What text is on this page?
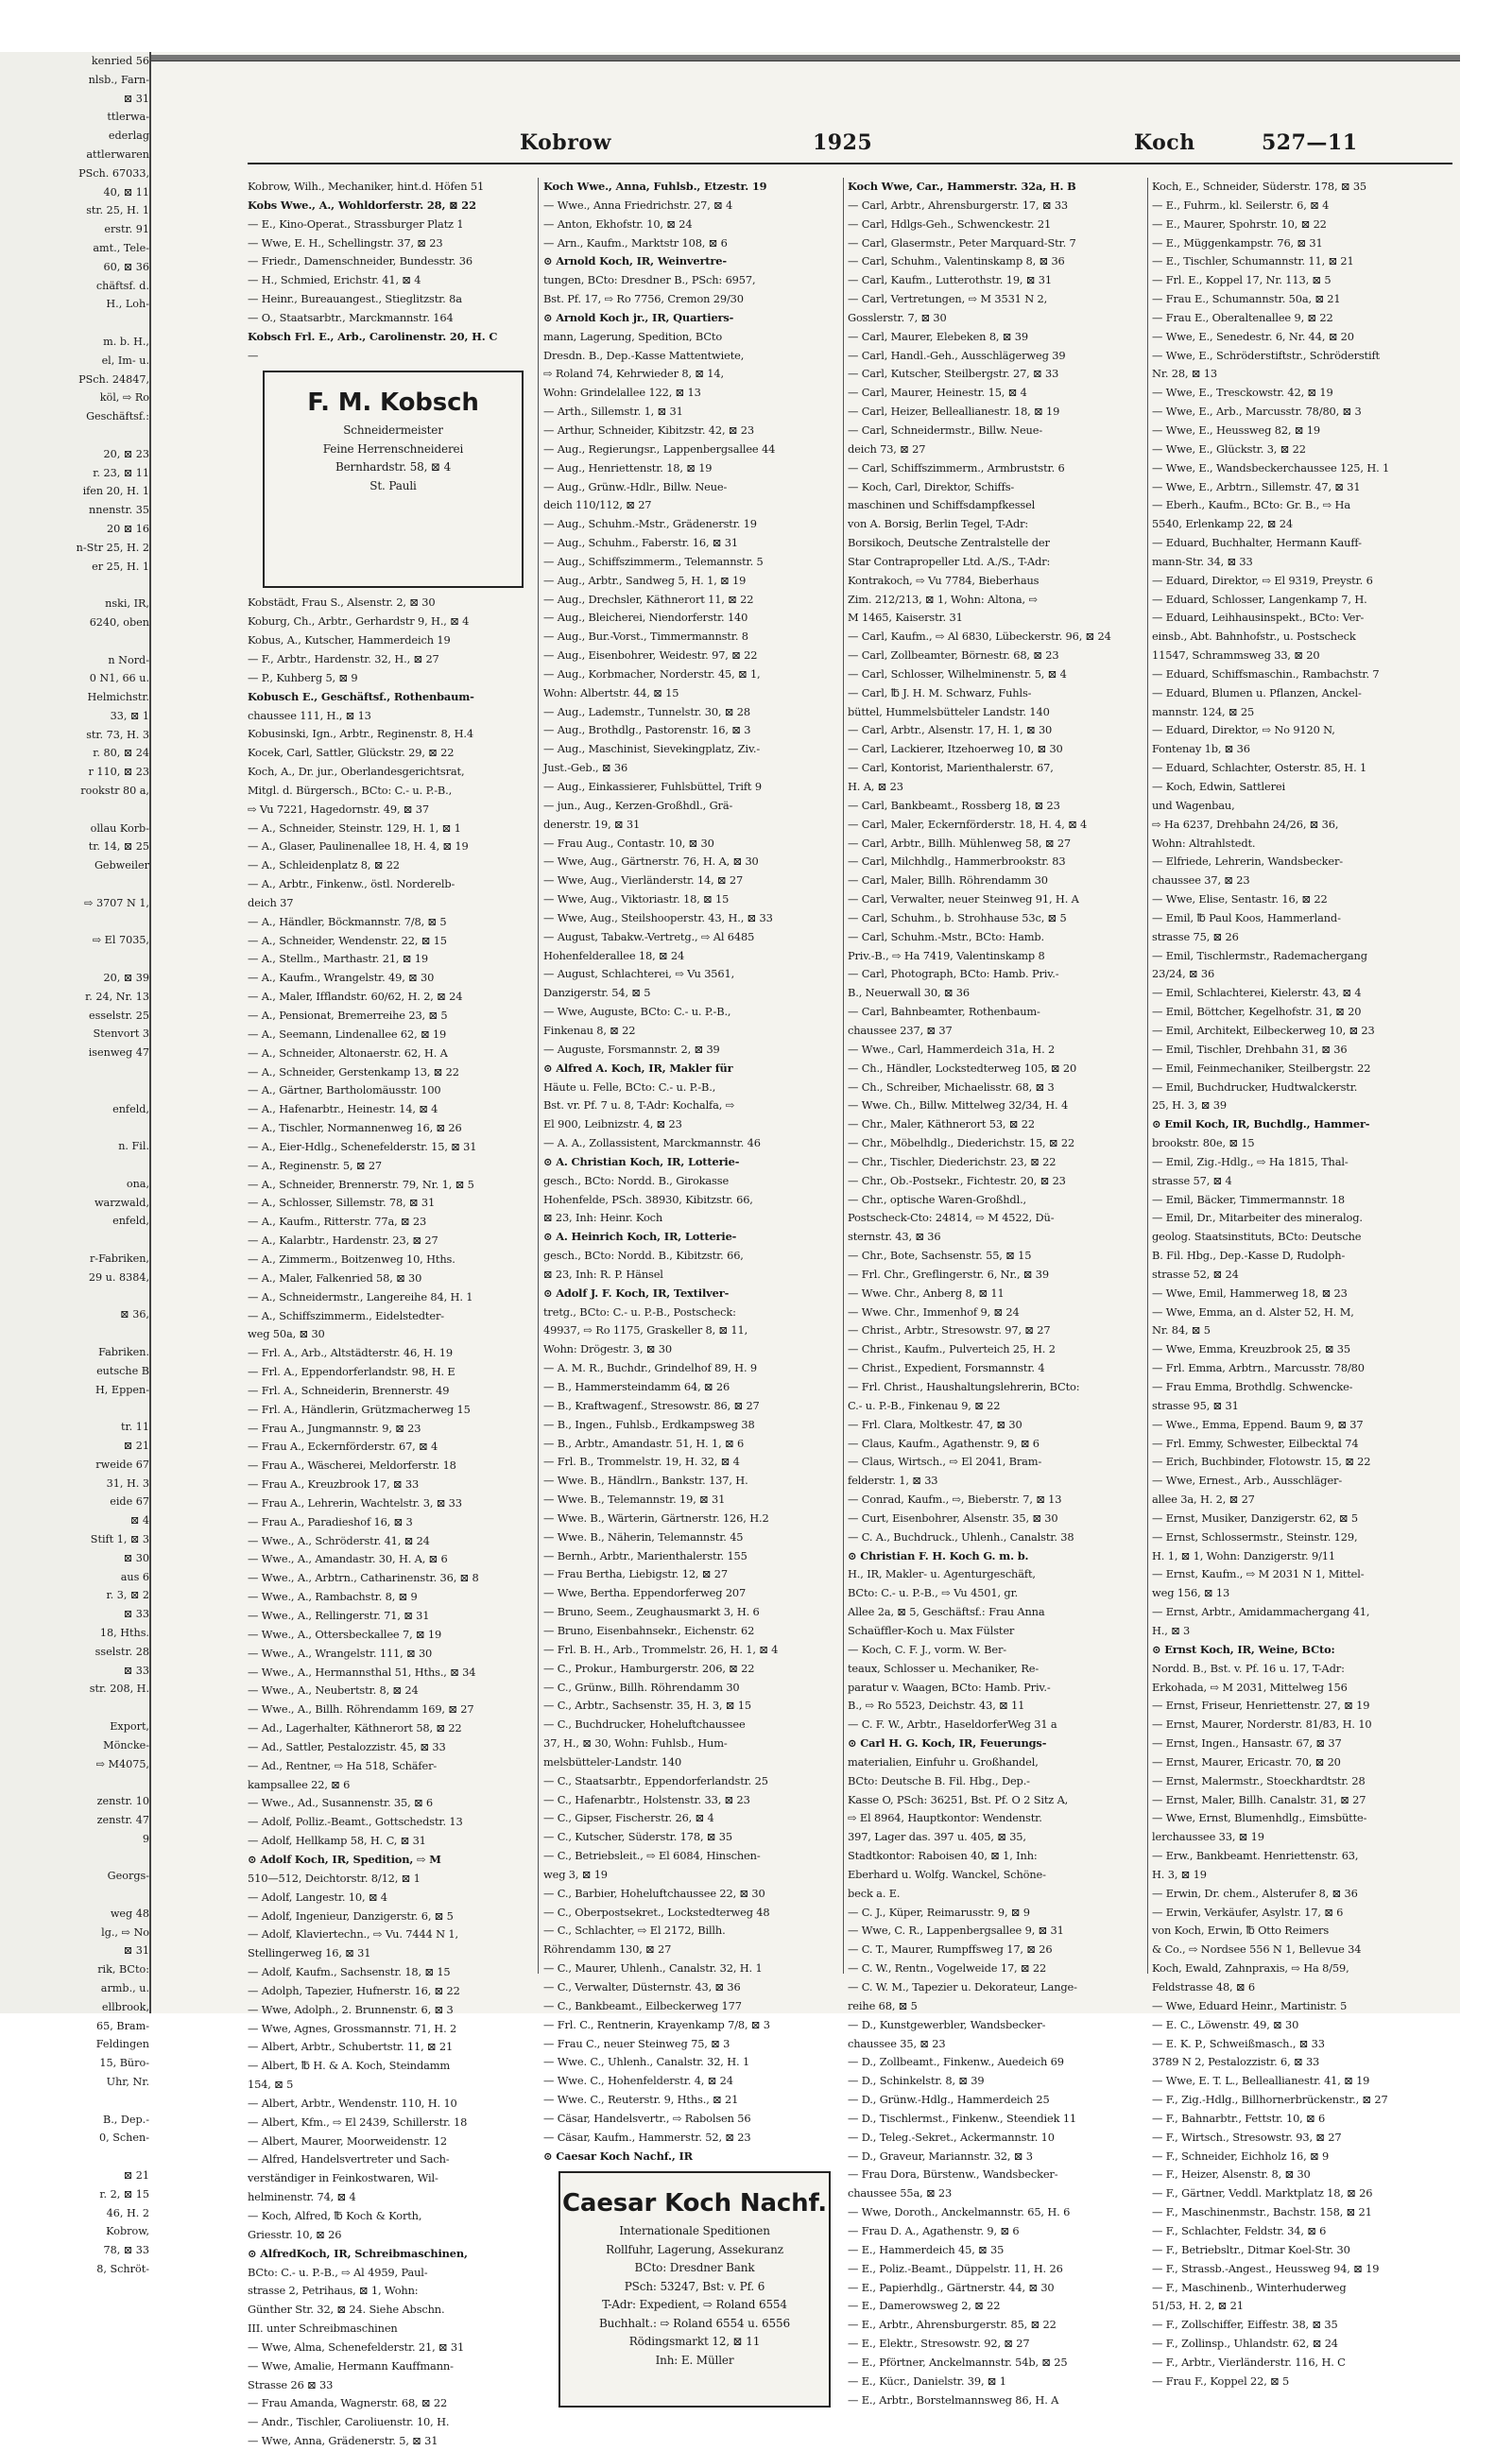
kenried 56
nlsb., Farn-
⊠ 31
ttlerwa-
ederlag
attlerwaren
PSch. 67033,
40, ⊠ 11
str. 25, H. 1
erstr. 91
amt., Tele-
60, ⊠ 36
chäftsf. d.
H., Loh-

m. b. H.,
el, Im- u.
PSch. 24847,
köl, ⇨ Ro
Geschäftsf.:

20, ⊠ 23
r. 23, ⊠ 11
ifen 20, H. 1
nnenstr. 35
20 ⊠ 16
n-Str 25, H. 2
er 25, H. 1

nski, IR,
6240, oben

n Nord-
0 N1, 66 u.
Helmichstr.
33, ⊠ 1
str. 73, H. 3
r. 80, ⊠ 24
r 110, ⊠ 23
rookstr 80 a,

ollau Korb-
tr. 14, ⊠ 25
Gebweiler

⇨ 3707 N 1,

⇨ El 7035,

20, ⊠ 39
r. 24, Nr. 13
esselstr. 25
Stenvort 3
isenweg 47

enfeld,

n. Fil.

ona,
warzwald,
enfeld,

r-Fabriken,
29 u. 8384,

⊠ 36,

Fabriken.
eutsche B
H, Eppen-

tr. 11
⊠ 21
rweide 67
31, H. 3
eide 67
⊠ 4
Stift 1, ⊠ 3
⊠ 30
aus 6
r. 3, ⊠ 2
⊠ 33
18, Hths.
sselstr. 28
⊠ 33
str. 208, H.

Export,
Möncke-
⇨ M4075,

zenstr. 10
zenstr. 47
9

Georgs-

weg 48
lg., ⇨ No
⊠ 31
rik, BCto:
armb., u.
ellbrook,
65, Bram-
Feldingen
15, Büro-
Uhr, Nr.

B., Dep.-
0, Schen-

⊠ 21
r. 2, ⊠ 15
46, H. 2
Kobrow,
78, ⊠ 33
8, Schröt-
Kobrow	1925	Koch	527—11
Kobrow, Wilh., Mechaniker, hint.d. Höfen 51
Kobs Wwe., A., Wohldorferstr. 28, ⊠ 22
— E., Kino-Operat., Strassburger Platz 1
— Wwe, E. H., Schellingstr. 37, ⊠ 23
— Friedr., Damenschneider, Bundesstr. 36
— H., Schmied, Erichstr. 41, ⊠ 4
— Heinr., Bureauangest., Stieglitzstr. 8a
— O., Staatsarbtr., Marckmannstr. 164
Kobsch Frl. E., Arb., Carolinenstr. 20, H. C
—
F. M. Kobsch
Schneidermeister
Feine Herrenschneiderei
Bernhardstr. 58, ⊠ 4
St. Pauli
Kobstädt, Frau S., Alsenstr. 2, ⊠ 30
Koburg, Ch., Arbtr., Gerhardstr 9, H., ⊠ 4
Kobus, A., Kutscher, Hammerdeich 19
— F., Arbtr., Hardenstr. 32, H., ⊠ 27
— P., Kuhberg 5, ⊠ 9
Kobusch E., Geschäftsf., Rothenbaum-
chaussee 111, H., ⊠ 13
Kobusinski, Ign., Arbtr., Reginenstr. 8, H.4
Kocek, Carl, Sattler, Glückstr. 29, ⊠ 22
Koch, A., Dr. jur., Oberlandesgerichtsrat,
Mitgl. d. Bürgersch., BCto: C.- u. P.-B.,
⇨ Vu 7221, Hagedornstr. 49, ⊠ 37
— A., Schneider, Steinstr. 129, H. 1, ⊠ 1
— A., Glaser, Paulinenallee 18, H. 4, ⊠ 19
— A., Schleidenplatz 8, ⊠ 22
— A., Arbtr., Finkenw., östl. Norderelb-
deich 37
— A., Händler, Böckmannstr. 7/8, ⊠ 5
— A., Schneider, Wendenstr. 22, ⊠ 15
— A., Stellm., Marthastr. 21, ⊠ 19
— A., Kaufm., Wrangelstr. 49, ⊠ 30
— A., Maler, Ifflandstr. 60/62, H. 2, ⊠ 24
— A., Pensionat, Bremerreihe 23, ⊠ 5
— A., Seemann, Lindenallee 62, ⊠ 19
— A., Schneider, Altonaerstr. 62, H. A
— A., Schneider, Gerstenkamp 13, ⊠ 22
— A., Gärtner, Bartholomäusstr. 100
— A., Hafenarbtr., Heinestr. 14, ⊠ 4
— A., Tischler, Normannenweg 16, ⊠ 26
— A., Eier-Hdlg., Schenefelderstr. 15, ⊠ 31
— A., Reginenstr. 5, ⊠ 27
— A., Schneider, Brennerstr. 79, Nr. 1, ⊠ 5
— A., Schlosser, Sillemstr. 78, ⊠ 31
— A., Kaufm., Ritterstr. 77a, ⊠ 23
— A., Kalarbtr., Hardenstr. 23, ⊠ 27
— A., Zimmerm., Boitzenweg 10, Hths.
— A., Maler, Falkenried 58, ⊠ 30
— A., Schneidermstr., Langereihe 84, H. 1
— A., Schiffszimmerm., Eidelstedter-
weg 50a, ⊠ 30
— Frl. A., Arb., Altstädterstr. 46, H. 19
— Frl. A., Eppendorferlandstr. 98, H. E
— Frl. A., Schneiderin, Brennerstr. 49
— Frl. A., Händlerin, Grützmacherweg 15
— Frau A., Jungmannstr. 9, ⊠ 23
— Frau A., Eckernförderstr. 67, ⊠ 4
— Frau A., Wäscherei, Meldorferstr. 18
— Frau A., Kreuzbrook 17, ⊠ 33
— Frau A., Lehrerin, Wachtelstr. 3, ⊠ 33
— Frau A., Paradieshof 16, ⊠ 3
— Wwe., A., Schröderstr. 41, ⊠ 24
— Wwe., A., Amandastr. 30, H. A, ⊠ 6
— Wwe., A., Arbtrn., Catharinenstr. 36, ⊠ 8
— Wwe., A., Rambachstr. 8, ⊠ 9
— Wwe., A., Rellingerstr. 71, ⊠ 31
— Wwe., A., Ottersbeckallee 7, ⊠ 19
— Wwe., A., Wrangelstr. 111, ⊠ 30
— Wwe., A., Hermannsthal 51, Hths., ⊠ 34
— Wwe., A., Neubertstr. 8, ⊠ 24
— Wwe., A., Billh. Röhrendamm 169, ⊠ 27
— Ad., Lagerhalter, Käthnerort 58, ⊠ 22
— Ad., Sattler, Pestalozzistr. 45, ⊠ 33
— Ad., Rentner, ⇨ Ha 518, Schäfer-
kampsallee 22, ⊠ 6
— Wwe., Ad., Susannenstr. 35, ⊠ 6
— Adolf, Polliz.-Beamt., Gottschedstr. 13
— Adolf, Hellkamp 58, H. C, ⊠ 31
⊙ Adolf Koch, IR, Spedition, ⇨ M
510—512, Deichtorstr. 8/12, ⊠ 1
— Adolf, Langestr. 10, ⊠ 4
— Adolf, Ingenieur, Danzigerstr. 6, ⊠ 5
— Adolf, Klaviertechn., ⇨ Vu. 7444 N 1,
Stellingerweg 16, ⊠ 31
— Adolf, Kaufm., Sachsenstr. 18, ⊠ 15
— Adolph, Tapezier, Hufnerstr. 16, ⊠ 22
— Wwe, Adolph., 2. Brunnenstr. 6, ⊠ 3
— Wwe, Agnes, Grossmannstr. 71, H. 2
— Albert, Arbtr., Schubertstr. 11, ⊠ 21
— Albert, ℔ H. & A. Koch, Steindamm
154, ⊠ 5
— Albert, Arbtr., Wendenstr. 110, H. 10
— Albert, Kfm., ⇨ El 2439, Schillerstr. 18
— Albert, Maurer, Moorweidenstr. 12
— Alfred, Handelsvertreter und Sach-
verständiger in Feinkostwaren, Wil-
helminenstr. 74, ⊠ 4
— Koch, Alfred, ℔ Koch & Korth,
Griesstr. 10, ⊠ 26
⊙ AlfredKoch, IR, Schreibmaschinen,
BCto: C.- u. P.-B., ⇨ Al 4959, Paul-
strasse 2, Petrihaus, ⊠ 1, Wohn:
Günther Str. 32, ⊠ 24. Siehe Abschn.
III. unter Schreibmaschinen
— Wwe, Alma, Schenefelderstr. 21, ⊠ 31
— Wwe, Amalie, Hermann Kauffmann-
Strasse 26 ⊠ 33
— Frau Amanda, Wagnerstr. 68, ⊠ 22
— Andr., Tischler, Caroliuenstr. 10, H.
— Wwe, Anna, Grädenerstr. 5, ⊠ 31
Koch Wwe., Anna, Fuhlsb., Etzestr. 19
— Wwe., Anna Friedrichstr. 27, ⊠ 4
— Anton, Ekhofstr. 10, ⊠ 24
— Arn., Kaufm., Marktstr 108, ⊠ 6
⊙ Arnold Koch, IR, Weinvertre-
tungen, BCto: Dresdner B., PSch: 6957,
Bst. Pf. 17, ⇨ Ro 7756, Cremon 29/30
⊙ Arnold Koch jr., IR, Quartiers-
mann, Lagerung, Spedition, BCto
Dresdn. B., Dep.-Kasse Mattentwiete,
⇨ Roland 74, Kehrwieder 8, ⊠ 14,
Wohn: Grindelallee 122, ⊠ 13
— Arth., Sillemstr. 1, ⊠ 31
— Arthur, Schneider, Kibitzstr. 42, ⊠ 23
— Aug., Regierungsr., Lappenbergsallee 44
— Aug., Henriettenstr. 18, ⊠ 19
— Aug., Grünw.-Hdlr., Billw. Neue-
deich 110/112, ⊠ 27
— Aug., Schuhm.-Mstr., Grädenerstr. 19
— Aug., Schuhm., Faberstr. 16, ⊠ 31
— Aug., Schiffszimmerm., Telemannstr. 5
— Aug., Arbtr., Sandweg 5, H. 1, ⊠ 19
— Aug., Drechsler, Käthnerort 11, ⊠ 22
— Aug., Bleicherei, Niendorferstr. 140
— Aug., Bur.-Vorst., Timmermannstr. 8
— Aug., Eisenbohrer, Weidestr. 97, ⊠ 22
— Aug., Korbmacher, Norderstr. 45, ⊠ 1,
Wohn: Albertstr. 44, ⊠ 15
— Aug., Lademstr., Tunnelstr. 30, ⊠ 28
— Aug., Brothdlg., Pastorenstr. 16, ⊠ 3
— Aug., Maschinist, Sievekingplatz, Ziv.-
Just.-Geb., ⊠ 36
— Aug., Einkassierer, Fuhlsbüttel, Trift 9
— jun., Aug., Kerzen-Großhdl., Grä-
denerstr. 19, ⊠ 31
— Frau Aug., Contastr. 10, ⊠ 30
— Wwe, Aug., Gärtnerstr. 76, H. A, ⊠ 30
— Wwe, Aug., Vierländerstr. 14, ⊠ 27
— Wwe, Aug., Viktoriastr. 18, ⊠ 15
— Wwe, Aug., Steilshooperstr. 43, H., ⊠ 33
— August, Tabakw.-Vertretg., ⇨ Al 6485
Hohenfelderallee 18, ⊠ 24
— August, Schlachterei, ⇨ Vu 3561,
Danzigerstr. 54, ⊠ 5
— Wwe, Auguste, BCto: C.- u. P.-B.,
Finkenau 8, ⊠ 22
— Auguste, Forsmannstr. 2, ⊠ 39
⊙ Alfred A. Koch, IR, Makler für
Häute u. Felle, BCto: C.- u. P.-B.,
Bst. vr. Pf. 7 u. 8, T-Adr: Kochalfa, ⇨
El 900, Leibnizstr. 4, ⊠ 23
— A. A., Zollassistent, Marckmannstr. 46
⊙ A. Christian Koch, IR, Lotterie-
gesch., BCto: Nordd. B., Girokasse
Hohenfelde, PSch. 38930, Kibitzstr. 66,
⊠ 23, Inh: Heinr. Koch
⊙ A. Heinrich Koch, IR, Lotterie-
gesch., BCto: Nordd. B., Kibitzstr. 66,
⊠ 23, Inh: R. P. Hänsel
⊙ Adolf J. F. Koch, IR, Textilver-
tretg., BCto: C.- u. P.-B., Postscheck:
49937, ⇨ Ro 1175, Graskeller 8, ⊠ 11,
Wohn: Drögestr. 3, ⊠ 30
— A. M. R., Buchdr., Grindelhof 89, H. 9
— B., Hammersteindamm 64, ⊠ 26
— B., Kraftwagenf., Stresowstr. 86, ⊠ 27
— B., Ingen., Fuhlsb., Erdkampsweg 38
— B., Arbtr., Amandastr. 51, H. 1, ⊠ 6
— Frl. B., Trommelstr. 19, H. 32, ⊠ 4
— Wwe. B., Händlrn., Bankstr. 137, H.
— Wwe. B., Telemannstr. 19, ⊠ 31
— Wwe. B., Wärterin, Gärtnerstr. 126, H.2
— Wwe. B., Näherin, Telemannstr. 45
— Bernh., Arbtr., Marienthalerstr. 155
— Frau Bertha, Liebigstr. 12, ⊠ 27
— Wwe, Bertha. Eppendorferweg 207
— Bruno, Seem., Zeughausmarkt 3, H. 6
— Bruno, Eisenbahnsekr., Eichenstr. 62
— Frl. B. H., Arb., Trommelstr. 26, H. 1, ⊠ 4
— C., Prokur., Hamburgerstr. 206, ⊠ 22
— C., Grünw., Billh. Röhrendamm 30
— C., Arbtr., Sachsenstr. 35, H. 3, ⊠ 15
— C., Buchdrucker, Hoheluftchaussee
37, H., ⊠ 30, Wohn: Fuhlsb., Hum-
melsbütteler-Landstr. 140
— C., Staatsarbtr., Eppendorferlandstr. 25
— C., Hafenarbtr., Holstenstr. 33, ⊠ 23
— C., Gipser, Fischerstr. 26, ⊠ 4
— C., Kutscher, Süderstr. 178, ⊠ 35
— C., Betriebsleit., ⇨ El 6084, Hinschen-
weg 3, ⊠ 19
— C., Barbier, Hoheluftchaussee 22, ⊠ 30
— C., Oberpostsekret., Lockstedterweg 48
— C., Schlachter, ⇨ El 2172, Billh.
Röhrendamm 130, ⊠ 27
— C., Maurer, Uhlenh., Canalstr. 32, H. 1
— C., Verwalter, Düsternstr. 43, ⊠ 36
— C., Bankbeamt., Eilbeckerweg 177
— Frl. C., Rentnerin, Krayenkamp 7/8, ⊠ 3
— Frau C., neuer Steinweg 75, ⊠ 3
— Wwe. C., Uhlenh., Canalstr. 32, H. 1
— Wwe. C., Hohenfelderstr. 4, ⊠ 24
— Wwe. C., Reuterstr. 9, Hths., ⊠ 21
— Cäsar, Handelsvertr., ⇨ Rabolsen 56
— Cäsar, Kaufm., Hammerstr. 52, ⊠ 23
⊙ Caesar Koch Nachf., IR
Caesar Koch Nachf.
Internationale Speditionen
Rollfuhr, Lagerung, Assekuranz
BCto: Dresdner Bank
PSch: 53247, Bst: v. Pf. 6
T-Adr: Expedient, ⇨ Roland 6554
Buchhalt.: ⇨ Roland 6554 u. 6556
Rödingsmarkt 12, ⊠ 11
Inh: E. Müller
Koch Wwe, Car., Hammerstr. 32a, H. B
— Carl, Arbtr., Ahrensburgerstr. 17, ⊠ 33
— Carl, Hdlgs-Geh., Schwenckestr. 21
— Carl, Glasermstr., Peter Marquard-Str. 7
— Carl, Schuhm., Valentinskamp 8, ⊠ 36
— Carl, Kaufm., Lutterothstr. 19, ⊠ 31
— Carl, Vertretungen, ⇨ M 3531 N 2,
Gosslerstr. 7, ⊠ 30
— Carl, Maurer, Elebeken 8, ⊠ 39
— Carl, Handl.-Geh., Ausschlägerweg 39
— Carl, Kutscher, Steilbergstr. 27, ⊠ 33
— Carl, Maurer, Heinestr. 15, ⊠ 4
— Carl, Heizer, Belleallianestr. 18, ⊠ 19
— Carl, Schneidermstr., Billw. Neue-
deich 73, ⊠ 27
— Carl, Schiffszimmerm., Armbruststr. 6
— Koch, Carl, Direktor, Schiffs-
maschinen und Schiffsdampfkessel
von A. Borsig, Berlin Tegel, T-Adr:
Borsikoch, Deutsche Zentralstelle der
Star Contrapropeller Ltd. A./S., T-Adr:
Kontrakoch, ⇨ Vu 7784, Bieberhaus
Zim. 212/213, ⊠ 1, Wohn: Altona, ⇨
M 1465, Kaiserstr. 31
— Carl, Kaufm., ⇨ Al 6830, Lübeckerstr. 96, ⊠ 24
— Carl, Zollbeamter, Börnestr. 68, ⊠ 23
— Carl, Schlosser, Wilhelminenstr. 5, ⊠ 4
— Carl, ℔ J. H. M. Schwarz, Fuhls-
büttel, Hummelsbütteler Landstr. 140
— Carl, Arbtr., Alsenstr. 17, H. 1, ⊠ 30
— Carl, Lackierer, Itzehoerweg 10, ⊠ 30
— Carl, Kontorist, Marienthalerstr. 67,
H. A, ⊠ 23
— Carl, Bankbeamt., Rossberg 18, ⊠ 23
— Carl, Maler, Eckernförderstr. 18, H. 4, ⊠ 4
— Carl, Arbtr., Billh. Mühlenweg 58, ⊠ 27
— Carl, Milchhdlg., Hammerbrookstr. 83
— Carl, Maler, Billh. Röhrendamm 30
— Carl, Verwalter, neuer Steinweg 91, H. A
— Carl, Schuhm., b. Strohhause 53c, ⊠ 5
— Carl, Schuhm.-Mstr., BCto: Hamb.
Priv.-B., ⇨ Ha 7419, Valentinskamp 8
— Carl, Photograph, BCto: Hamb. Priv.-
B., Neuerwall 30, ⊠ 36
— Carl, Bahnbeamter, Rothenbaum-
chaussee 237, ⊠ 37
— Wwe., Carl, Hammerdeich 31a, H. 2
— Ch., Händler, Lockstedterweg 105, ⊠ 20
— Ch., Schreiber, Michaelisstr. 68, ⊠ 3
— Wwe. Ch., Billw. Mittelweg 32/34, H. 4
— Chr., Maler, Käthnerort 53, ⊠ 22
— Chr., Möbelhdlg., Diederichstr. 15, ⊠ 22
— Chr., Tischler, Diederichstr. 23, ⊠ 22
— Chr., Ob.-Postsekr., Fichtestr. 20, ⊠ 23
— Chr., optische Waren-Großhdl.,
Postscheck-Cto: 24814, ⇨ M 4522, Dü-
sternstr. 43, ⊠ 36
— Chr., Bote, Sachsenstr. 55, ⊠ 15
— Frl. Chr., Greflingerstr. 6, Nr., ⊠ 39
— Wwe. Chr., Anberg 8, ⊠ 11
— Wwe. Chr., Immenhof 9, ⊠ 24
— Christ., Arbtr., Stresowstr. 97, ⊠ 27
— Christ., Kaufm., Pulverteich 25, H. 2
— Christ., Expedient, Forsmannstr. 4
— Frl. Christ., Haushaltungslehrerin, BCto:
C.- u. P.-B., Finkenau 9, ⊠ 22
— Frl. Clara, Moltkestr. 47, ⊠ 30
— Claus, Kaufm., Agathenstr. 9, ⊠ 6
— Claus, Wirtsch., ⇨ El 2041, Bram-
felderstr. 1, ⊠ 33
— Conrad, Kaufm., ⇨, Bieberstr. 7, ⊠ 13
— Curt, Eisenbohrer, Alsenstr. 35, ⊠ 30
— C. A., Buchdruck., Uhlenh., Canalstr. 38
⊙ Christian F. H. Koch G. m. b.
H., IR, Makler- u. Agenturgeschäft,
BCto: C.- u. P.-B., ⇨ Vu 4501, gr.
Allee 2a, ⊠ 5, Geschäftsf.: Frau Anna
Schaüffler-Koch u. Max Fülster
— Koch, C. F. J., vorm. W. Ber-
teaux, Schlosser u. Mechaniker, Re-
paratur v. Waagen, BCto: Hamb. Priv.-
B., ⇨ Ro 5523, Deichstr. 43, ⊠ 11
— C. F. W., Arbtr., HaseldorferWeg 31 a
⊙ Carl H. G. Koch, IR, Feuerungs-
materialien, Einfuhr u. Großhandel,
BCto: Deutsche B. Fil. Hbg., Dep.-
Kasse O, PSch: 36251, Bst. Pf. O 2 Sitz A,
⇨ El 8964, Hauptkontor: Wendenstr.
397, Lager das. 397 u. 405, ⊠ 35,
Stadtkontor: Raboisen 40, ⊠ 1, Inh:
Eberhard u. Wolfg. Wanckel, Schöne-
beck a. E.
— C. J., Küper, Reimarusstr. 9, ⊠ 9
— Wwe, C. R., Lappenbergsallee 9, ⊠ 31
— C. T., Maurer, Rumpffsweg 17, ⊠ 26
— C. W., Rentn., Vogelweide 17, ⊠ 22
— C. W. M., Tapezier u. Dekorateur, Lange-
reihe 68, ⊠ 5
— D., Kunstgewerbler, Wandsbecker-
chaussee 35, ⊠ 23
— D., Zollbeamt., Finkenw., Auedeich 69
— D., Schinkelstr. 8, ⊠ 39
— D., Grünw.-Hdlg., Hammerdeich 25
— D., Tischlermst., Finkenw., Steendiek 11
— D., Teleg.-Sekret., Ackermannstr. 10
— D., Graveur, Mariannstr. 32, ⊠ 3
— Frau Dora, Bürstenw., Wandsbecker-
chaussee 55a, ⊠ 23
— Wwe, Doroth., Anckelmannstr. 65, H. 6
— Frau D. A., Agathenstr. 9, ⊠ 6
— E., Hammerdeich 45, ⊠ 35
— E., Poliz.-Beamt., Düppelstr. 11, H. 26
— E., Papierhdlg., Gärtnerstr. 44, ⊠ 30
— E., Damerowsweg 2, ⊠ 22
— E., Arbtr., Ahrensburgerstr. 85, ⊠ 22
— E., Elektr., Stresowstr. 92, ⊠ 27
— E., Pförtner, Anckelmannstr. 54b, ⊠ 25
— E., Kücr., Danielstr. 39, ⊠ 1
— E., Arbtr., Borstelmannsweg 86, H. A
Koch, E., Schneider, Süderstr. 178, ⊠ 35
— E., Fuhrm., kl. Seilerstr. 6, ⊠ 4
— E., Maurer, Spohrstr. 10, ⊠ 22
— E., Müggenkampstr. 76, ⊠ 31
— E., Tischler, Schumannstr. 11, ⊠ 21
— Frl. E., Koppel 17, Nr. 113, ⊠ 5
— Frau E., Schumannstr. 50a, ⊠ 21
— Frau E., Oberaltenallee 9, ⊠ 22
— Wwe, E., Senedestr. 6, Nr. 44, ⊠ 20
— Wwe, E., Schröderstiftstr., Schröderstift
Nr. 28, ⊠ 13
— Wwe, E., Tresckowstr. 42, ⊠ 19
— Wwe, E., Arb., Marcusstr. 78/80, ⊠ 3
— Wwe, E., Heussweg 82, ⊠ 19
— Wwe, E., Glückstr. 3, ⊠ 22
— Wwe, E., Wandsbeckerchaussee 125, H. 1
— Wwe, E., Arbtrn., Sillemstr. 47, ⊠ 31
— Eberh., Kaufm., BCto: Gr. B., ⇨ Ha
5540, Erlenkamp 22, ⊠ 24
— Eduard, Buchhalter, Hermann Kauff-
mann-Str. 34, ⊠ 33
— Eduard, Direktor, ⇨ El 9319, Preystr. 6
— Eduard, Schlosser, Langenkamp 7, H.
— Eduard, Leihhausinspekt., BCto: Ver-
einsb., Abt. Bahnhofstr., u. Postscheck
11547, Schrammsweg 33, ⊠ 20
— Eduard, Schiffsmaschin., Rambachstr. 7
— Eduard, Blumen u. Pflanzen, Anckel-
mannstr. 124, ⊠ 25
— Eduard, Direktor, ⇨ No 9120 N,
Fontenay 1b, ⊠ 36
— Eduard, Schlachter, Osterstr. 85, H. 1
— Koch, Edwin, Sattlerei
und Wagenbau,
⇨ Ha 6237, Drehbahn 24/26, ⊠ 36,
Wohn: Altrahlstedt.
— Elfriede, Lehrerin, Wandsbecker-
chaussee 37, ⊠ 23
— Wwe, Elise, Sentastr. 16, ⊠ 22
— Emil, ℔ Paul Koos, Hammerland-
strasse 75, ⊠ 26
— Emil, Tischlermstr., Rademachergang
23/24, ⊠ 36
— Emil, Schlachterei, Kielerstr. 43, ⊠ 4
— Emil, Böttcher, Kegelhofstr. 31, ⊠ 20
— Emil, Architekt, Eilbeckerweg 10, ⊠ 23
— Emil, Tischler, Drehbahn 31, ⊠ 36
— Emil, Feinmechaniker, Steilbergstr. 22
— Emil, Buchdrucker, Hudtwalckerstr.
25, H. 3, ⊠ 39
⊙ Emil Koch, IR, Buchdlg., Hammer-
brookstr. 80e, ⊠ 15
— Emil, Zig.-Hdlg., ⇨ Ha 1815, Thal-
strasse 57, ⊠ 4
— Emil, Bäcker, Timmermannstr. 18
— Emil, Dr., Mitarbeiter des mineralog.
geolog. Staatsinstituts, BCto: Deutsche
B. Fil. Hbg., Dep.-Kasse D, Rudolph-
strasse 52, ⊠ 24
— Wwe, Emil, Hammerweg 18, ⊠ 23
— Wwe, Emma, an d. Alster 52, H. M,
Nr. 84, ⊠ 5
— Wwe, Emma, Kreuzbrook 25, ⊠ 35
— Frl. Emma, Arbtrn., Marcusstr. 78/80
— Frau Emma, Brothdlg. Schwencke-
strasse 95, ⊠ 31
— Wwe., Emma, Eppend. Baum 9, ⊠ 37
— Frl. Emmy, Schwester, Eilbecktal 74
— Erich, Buchbinder, Flotowstr. 15, ⊠ 22
— Wwe, Ernest., Arb., Ausschläger-
allee 3a, H. 2, ⊠ 27
— Ernst, Musiker, Danzigerstr. 62, ⊠ 5
— Ernst, Schlossermstr., Steinstr. 129,
H. 1, ⊠ 1, Wohn: Danzigerstr. 9/11
— Ernst, Kaufm., ⇨ M 2031 N 1, Mittel-
weg 156, ⊠ 13
— Ernst, Arbtr., Amidammachergang 41,
H., ⊠ 3
⊙ Ernst Koch, IR, Weine, BCto:
Nordd. B., Bst. v. Pf. 16 u. 17, T-Adr:
Erkohada, ⇨ M 2031, Mittelweg 156
— Ernst, Friseur, Henriettenstr. 27, ⊠ 19
— Ernst, Maurer, Norderstr. 81/83, H. 10
— Ernst, Ingen., Hansastr. 67, ⊠ 37
— Ernst, Maurer, Ericastr. 70, ⊠ 20
— Ernst, Malermstr., Stoeckhardtstr. 28
— Ernst, Maler, Billh. Canalstr. 31, ⊠ 27
— Wwe, Ernst, Blumenhdlg., Eimsbütte-
lerchaussee 33, ⊠ 19
— Erw., Bankbeamt. Henriettenstr. 63,
H. 3, ⊠ 19
— Erwin, Dr. chem., Alsterufer 8, ⊠ 36
— Erwin, Verkäufer, Asylstr. 17, ⊠ 6
von Koch, Erwin, ℔ Otto Reimers
& Co., ⇨ Nordsee 556 N 1, Bellevue 34
Koch, Ewald, Zahnpraxis, ⇨ Ha 8/59,
Feldstrasse 48, ⊠ 6
— Wwe, Eduard Heinr., Martinistr. 5
— E. C., Löwenstr. 49, ⊠ 30
— E. K. P., Schweißmasch., ⊠ 33
3789 N 2, Pestalozzistr. 6, ⊠ 33
— Wwe, E. T. L., Belleallianestr. 41, ⊠ 19
— F., Zig.-Hdlg., Billhornerbrückenstr., ⊠ 27
— F., Bahnarbtr., Fettstr. 10, ⊠ 6
— F., Wirtsch., Stresowstr. 93, ⊠ 27
— F., Schneider, Eichholz 16, ⊠ 9
— F., Heizer, Alsenstr. 8, ⊠ 30
— F., Gärtner, Veddl. Marktplatz 18, ⊠ 26
— F., Maschinenmstr., Bachstr. 158, ⊠ 21
— F., Schlachter, Feldstr. 34, ⊠ 6
— F., Betriebsltr., Ditmar Koel-Str. 30
— F., Strassb.-Angest., Heussweg 94, ⊠ 19
— F., Maschinenb., Winterhuderweg
51/53, H. 2, ⊠ 21
— F., Zollschiffer, Eiffestr. 38, ⊠ 35
— F., Zollinsp., Uhlandstr. 62, ⊠ 24
— F., Arbtr., Vierländerstr. 116, H. C
— Frau F., Koppel 22, ⊠ 5
